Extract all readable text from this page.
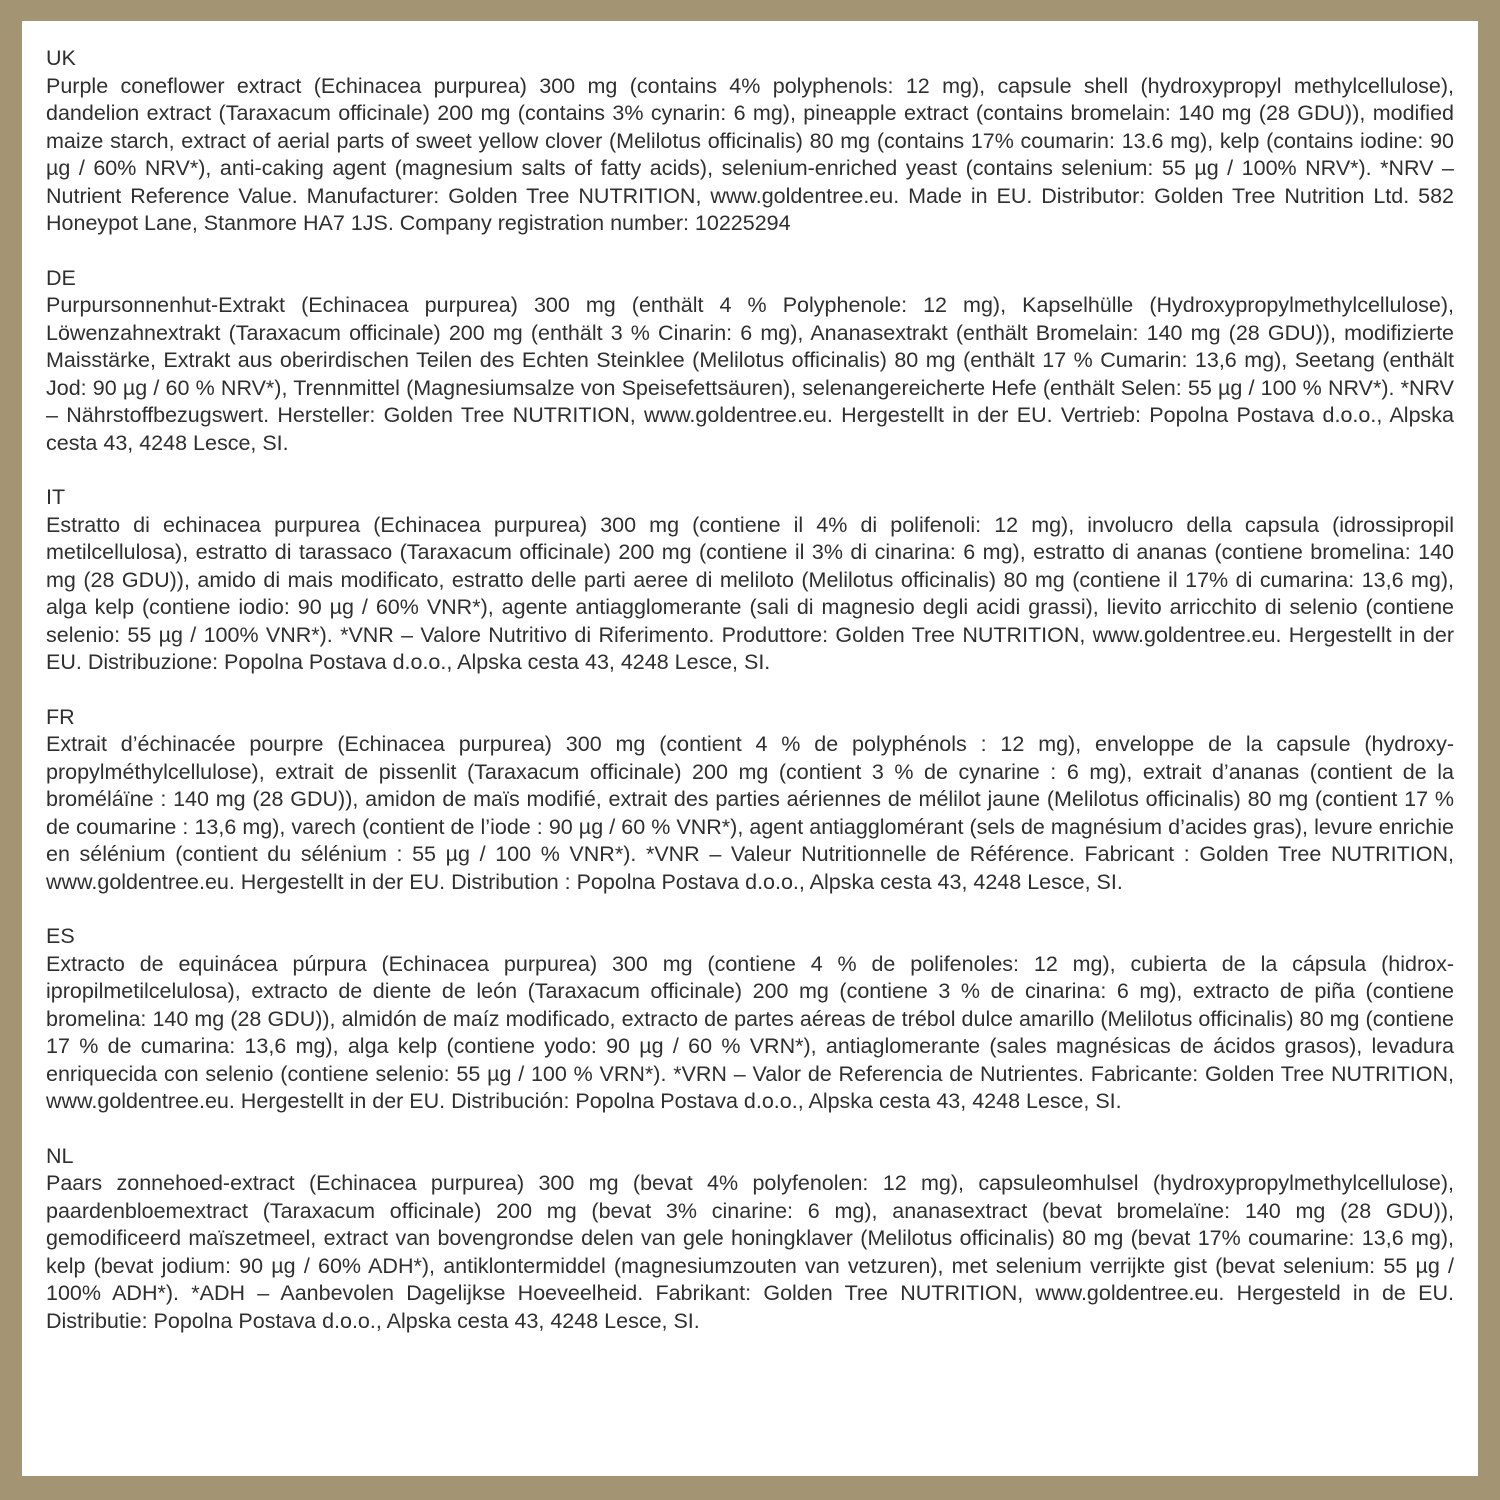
UK
Purple coneflower extract (Echinacea purpurea) 300 mg (contains 4% polyphenols: 12 mg), capsule shell (hydroxypropyl methylcellulose), dandelion extract (Taraxacum officinale) 200 mg (contains 3% cynarin: 6 mg), pineapple extract (contains bromelain: 140 mg (28 GDU)), modified maize starch, extract of aerial parts of sweet yellow clover (Melilotus officinalis) 80 mg (contains 17% coumarin: 13.6 mg), kelp (contains iodine: 90 µg / 60% NRV*), anti-caking agent (magnesium salts of fatty acids), selenium-enriched yeast (contains selenium: 55 µg / 100% NRV*). *NRV – Nutrient Reference Value. Manufacturer: Golden Tree NUTRITION, www.goldentree.eu. Made in EU. Distributor: Golden Tree Nutrition Ltd. 582 Honeypot Lane, Stanmore HA7 1JS. Company registration number: 10225294
DE
Purpursonnenhut-Extrakt (Echinacea purpurea) 300 mg (enthält 4 % Polyphenole: 12 mg), Kapselhülle (Hydroxypropylmethylcellulose), Löwenzahnextrakt (Taraxacum officinale) 200 mg (enthält 3 % Cinarin: 6 mg), Ananasextrakt (enthält Bromelain: 140 mg (28 GDU)), modifizierte Maisstärke, Extrakt aus oberirdischen Teilen des Echten Steinklee (Melilotus officinalis) 80 mg (enthält 17 % Cumarin: 13,6 mg), Seetang (enthält Jod: 90 µg / 60 % NRV*), Trennmittel (Magnesiumsalze von Speisefettsäuren), selenangereicherte Hefe (enthält Selen: 55 µg / 100 % NRV*). *NRV – Nährstoffbezugswert. Hersteller: Golden Tree NUTRITION, www.goldentree.eu. Hergestellt in der EU. Vertrieb: Popolna Postava d.o.o., Alpska cesta 43, 4248 Lesce, SI.
IT
Estratto di echinacea purpurea (Echinacea purpurea) 300 mg (contiene il 4% di polifenoli: 12 mg), involucro della capsula (idrossipropil metilcellulosa), estratto di tarassaco (Taraxacum officinale) 200 mg (contiene il 3% di cinarina: 6 mg), estratto di ananas (contiene bromelina: 140 mg (28 GDU)), amido di mais modificato, estratto delle parti aeree di meliloto (Melilotus officinalis) 80 mg (contiene il 17% di cumarina: 13,6 mg), alga kelp (contiene iodio: 90 µg / 60% VNR*), agente antiagglomerante (sali di magnesio degli acidi grassi), lievito arricchito di selenio (contiene selenio: 55 µg / 100% VNR*). *VNR – Valore Nutritivo di Riferimento. Produttore: Golden Tree NUTRITION, www.goldentree.eu. Hergestellt in der EU. Distribuzione: Popolna Postava d.o.o., Alpska cesta 43, 4248 Lesce, SI.
FR
Extrait d’échinacée pourpre (Echinacea purpurea) 300 mg (contient 4 % de polyphénols : 12 mg), enveloppe de la capsule (hydroxypropylméthylcellulose), extrait de pissenlit (Taraxacum officinale) 200 mg (contient 3 % de cynarine : 6 mg), extrait d’ananas (contient de la broméláïne : 140 mg (28 GDU)), amidon de maïs modifié, extrait des parties aériennes de mélilot jaune (Melilotus officinalis) 80 mg (contient 17 % de coumarine : 13,6 mg), varech (contient de l’iode : 90 µg / 60 % VNR*), agent antiagglomérant (sels de magnésium d’acides gras), levure enrichie en sélénium (contient du sélénium : 55 µg / 100 % VNR*). *VNR – Valeur Nutritionnelle de Référence. Fabricant : Golden Tree NUTRITION, www.goldentree.eu. Hergestellt in der EU. Distribution : Popolna Postava d.o.o., Alpska cesta 43, 4248 Lesce, SI.
ES
Extracto de equinácea púrpura (Echinacea purpurea) 300 mg (contiene 4 % de polifenoles: 12 mg), cubierta de la cápsula (hidroxipropilmetilcelulosa), extracto de diente de león (Taraxacum officinale) 200 mg (contiene 3 % de cinarina: 6 mg), extracto de piña (contiene bromelina: 140 mg (28 GDU)), almidón de maíz modificado, extracto de partes aéreas de trébol dulce amarillo (Melilotus officinalis) 80 mg (contiene 17 % de cumarina: 13,6 mg), alga kelp (contiene yodo: 90 µg / 60 % VRN*), antiaglomerante (sales magnésicas de ácidos grasos), levadura enriquecida con selenio (contiene selenio: 55 µg / 100 % VRN*). *VRN – Valor de Referencia de Nutrientes. Fabricante: Golden Tree NUTRITION, www.goldentree.eu. Hergestellt in der EU. Distribución: Popolna Postava d.o.o., Alpska cesta 43, 4248 Lesce, SI.
NL
Paars zonnehoed-extract (Echinacea purpurea) 300 mg (bevat 4% polyfenolen: 12 mg), capsuleomhulsel (hydroxypropylmethylcellulose), paardenbloemextract (Taraxacum officinale) 200 mg (bevat 3% cinarine: 6 mg), ananasextract (bevat bromelaïne: 140 mg (28 GDU)), gemodificeerd maïszetmeel, extract van bovengrondse delen van gele honingklaver (Melilotus officinalis) 80 mg (bevat 17% coumarine: 13,6 mg), kelp (bevat jodium: 90 µg / 60% ADH*), antiklontermiddel (magnesiumzouten van vetzuren), met selenium verrijkte gist (bevat selenium: 55 µg / 100% ADH*). *ADH – Aanbevolen Dagelijkse Hoeveelheid. Fabrikant: Golden Tree NUTRITION, www.goldentree.eu. Hergesteld in de EU. Distributie: Popolna Postava d.o.o., Alpska cesta 43, 4248 Lesce, SI.
